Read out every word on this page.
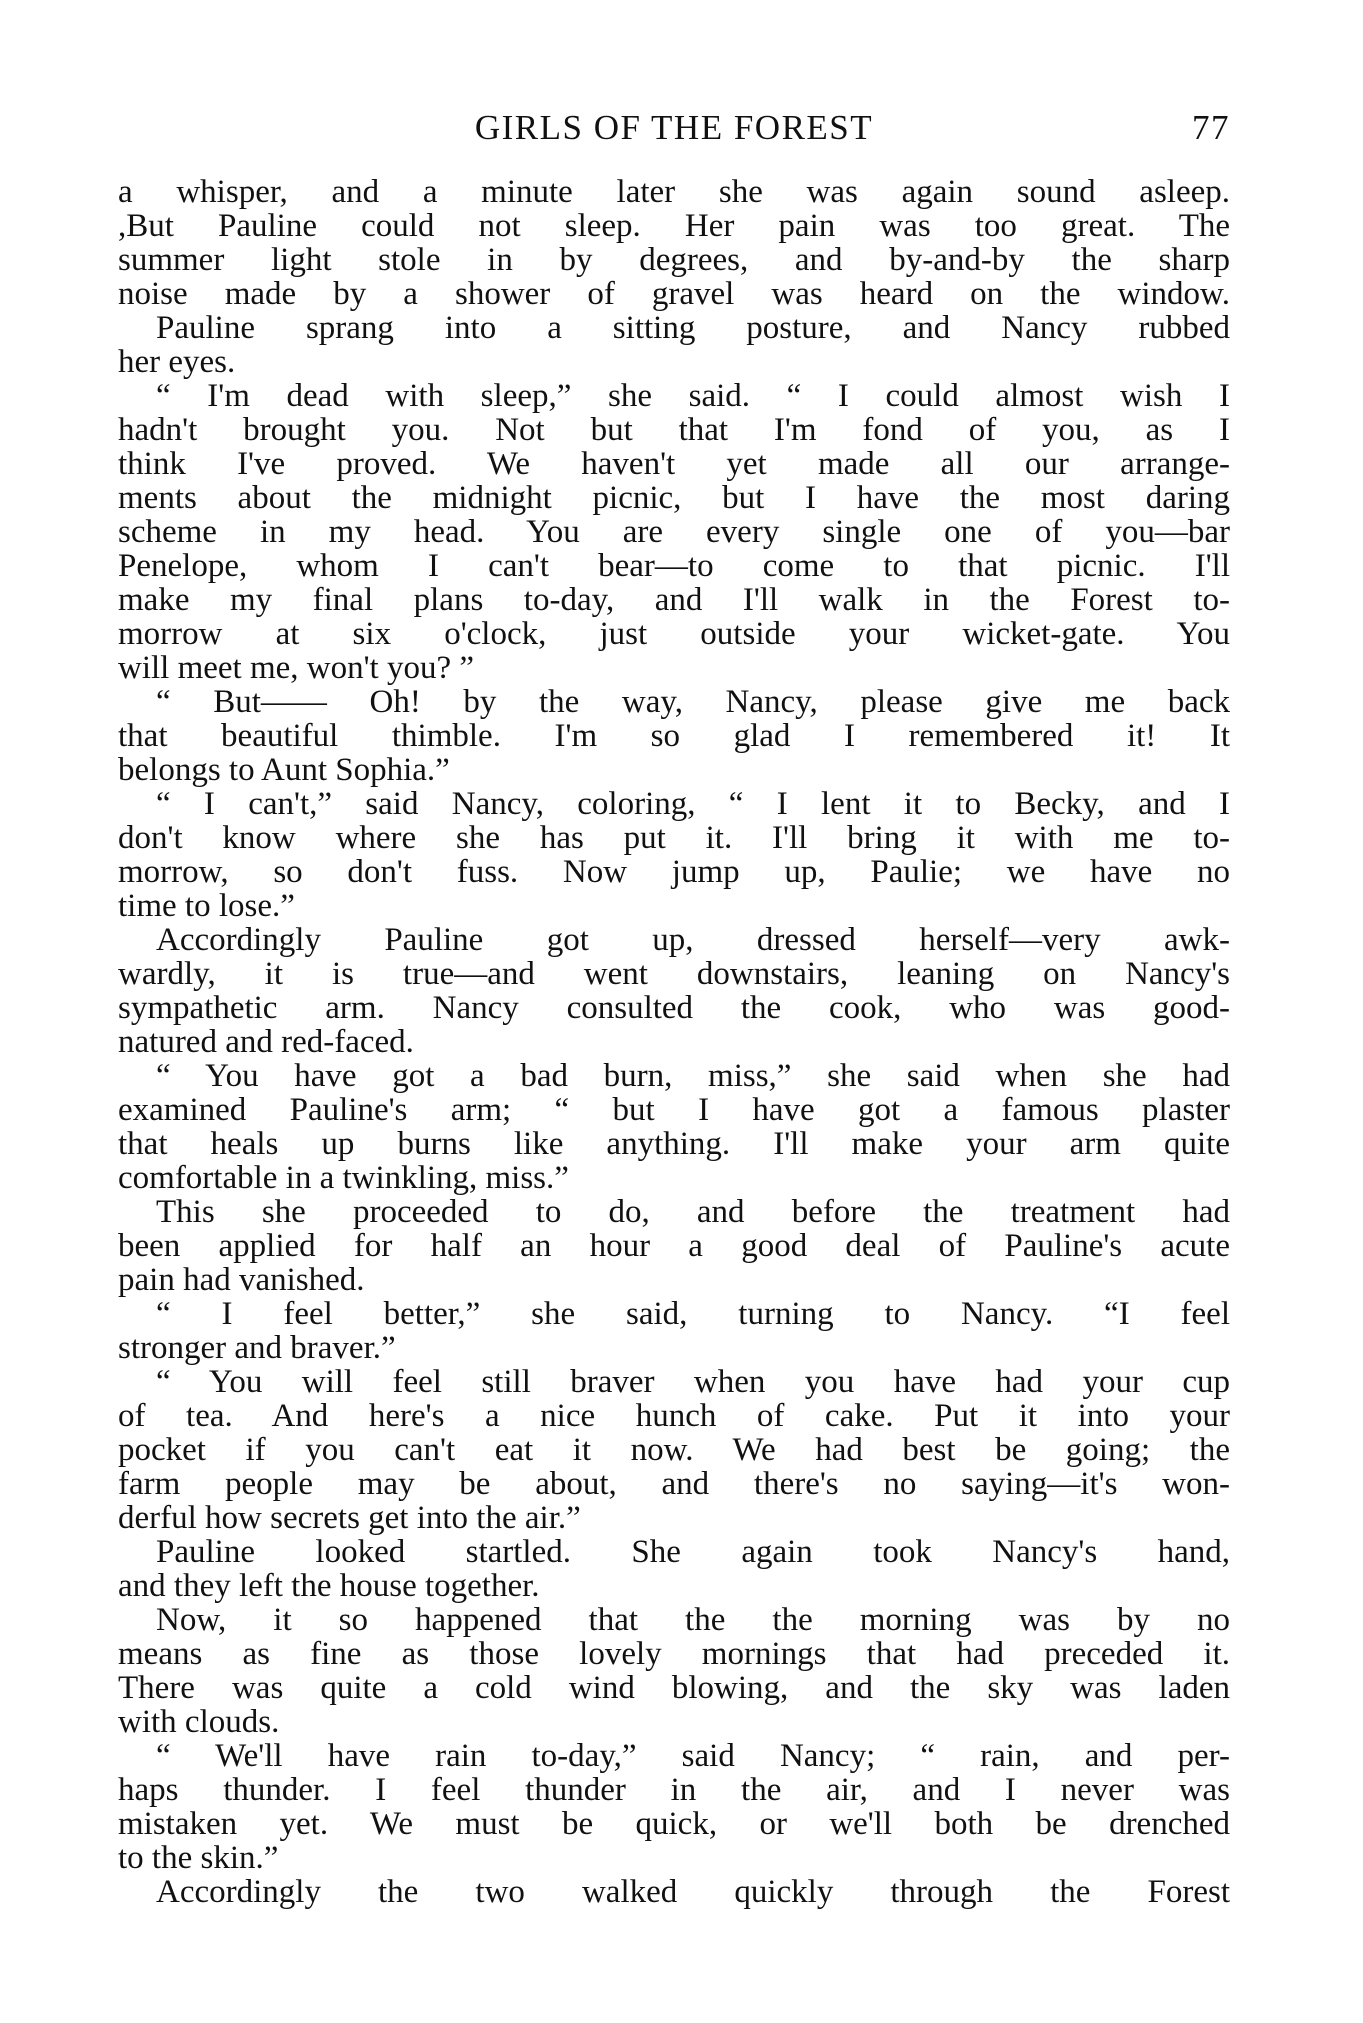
GIRLS OF THE FOREST	77
a whisper, and a minute later she was again sound asleep.
,But Pauline could not sleep. Her pain was too great. The
summer light stole in by degrees, and by-and-by the sharp
noise made by a shower of gravel was heard on the window.
Pauline sprang into a sitting posture, and Nancy rubbed
her eyes.
“ I'm dead with sleep,” she said. “ I could almost wish I
hadn't brought you. Not but that I'm fond of you, as I
think I've proved. We haven't yet made all our arrange-
ments about the midnight picnic, but I have the most daring
scheme in my head. You are every single one of you—bar
Penelope, whom I can't bear—to come to that picnic. I'll
make my final plans to-day, and I'll walk in the Forest to-
morrow at six o'clock, just outside your wicket-gate. You
will meet me, won't you? ”
“ But—— Oh! by the way, Nancy, please give me back
that beautiful thimble. I'm so glad I remembered it! It
belongs to Aunt Sophia.”
“ I can't,” said Nancy, coloring, “ I lent it to Becky, and I
don't know where she has put it. I'll bring it with me to-
morrow, so don't fuss. Now jump up, Paulie; we have no
time to lose.”
Accordingly Pauline got up, dressed herself—very awk-
wardly, it is true—and went downstairs, leaning on Nancy's
sympathetic arm. Nancy consulted the cook, who was good-
natured and red-faced.
“ You have got a bad burn, miss,” she said when she had
examined Pauline's arm; “ but I have got a famous plaster
that heals up burns like anything. I'll make your arm quite
comfortable in a twinkling, miss.”
This she proceeded to do, and before the treatment had
been applied for half an hour a good deal of Pauline's acute
pain had vanished.
“ I feel better,” she said, turning to Nancy. “I feel
stronger and braver.”
“ You will feel still braver when you have had your cup
of tea. And here's a nice hunch of cake. Put it into your
pocket if you can't eat it now. We had best be going; the
farm people may be about, and there's no saying—it's won-
derful how secrets get into the air.”
Pauline looked startled. She again took Nancy's hand,
and they left the house together.
Now, it so happened that the the morning was by no
means as fine as those lovely mornings that had preceded it.
There was quite a cold wind blowing, and the sky was laden
with clouds.
“ We'll have rain to-day,” said Nancy; “ rain, and per-
haps thunder. I feel thunder in the air, and I never was
mistaken yet. We must be quick, or we'll both be drenched
to the skin.”
Accordingly the two walked quickly through the Forest
